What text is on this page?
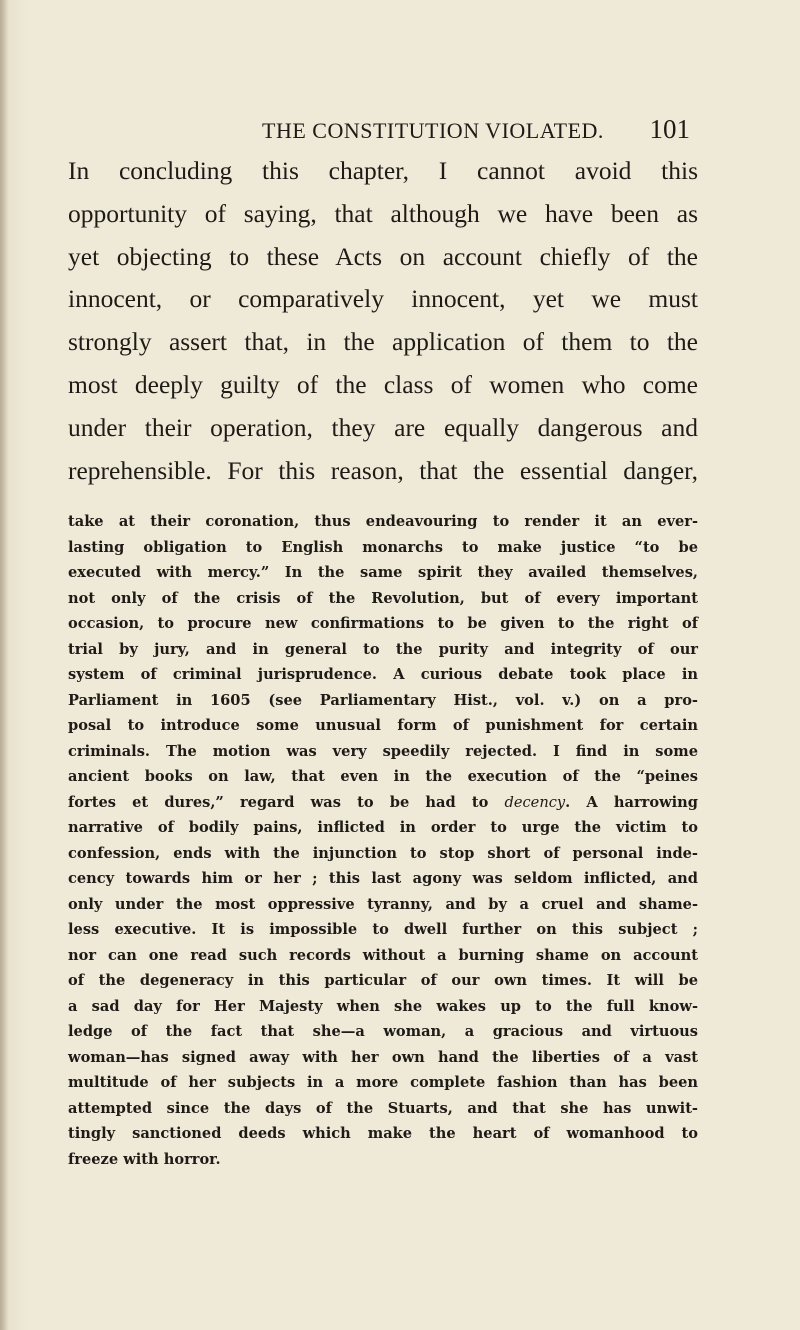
THE CONSTITUTION VIOLATED. 101
In concluding this chapter, I cannot avoid this
opportunity of saying, that although we have been as
yet objecting to these Acts on account chiefly of the
innocent, or comparatively innocent, yet we must
strongly assert that, in the application of them to the
most deeply guilty of the class of women who come
under their operation, they are equally dangerous and
reprehensible. For this reason, that the essential danger,
take at their coronation, thus endeavouring to render it an ever-
lasting obligation to English monarchs to make justice “to be
executed with mercy.” In the same spirit they availed themselves,
not only of the crisis of the Revolution, but of every important
occasion, to procure new confirmations to be given to the right of
trial by jury, and in general to the purity and integrity of our
system of criminal jurisprudence. A curious debate took place in
Parliament in 1605 (see Parliamentary Hist., vol. v.) on a pro-
posal to introduce some unusual form of punishment for certain
criminals. The motion was very speedily rejected. I find in some
ancient books on law, that even in the execution of the “peines
fortes et dures,” regard was to be had to decency. A harrowing
narrative of bodily pains, inflicted in order to urge the victim to
confession, ends with the injunction to stop short of personal inde-
cency towards him or her ; this last agony was seldom inflicted, and
only under the most oppressive tyranny, and by a cruel and shame-
less executive. It is impossible to dwell further on this subject ;
nor can one read such records without a burning shame on account
of the degeneracy in this particular of our own times. It will be
a sad day for Her Majesty when she wakes up to the full know-
ledge of the fact that she—a woman, a gracious and virtuous
woman—has signed away with her own hand the liberties of a vast
multitude of her subjects in a more complete fashion than has been
attempted since the days of the Stuarts, and that she has unwit-
tingly sanctioned deeds which make the heart of womanhood to
freeze with horror.
